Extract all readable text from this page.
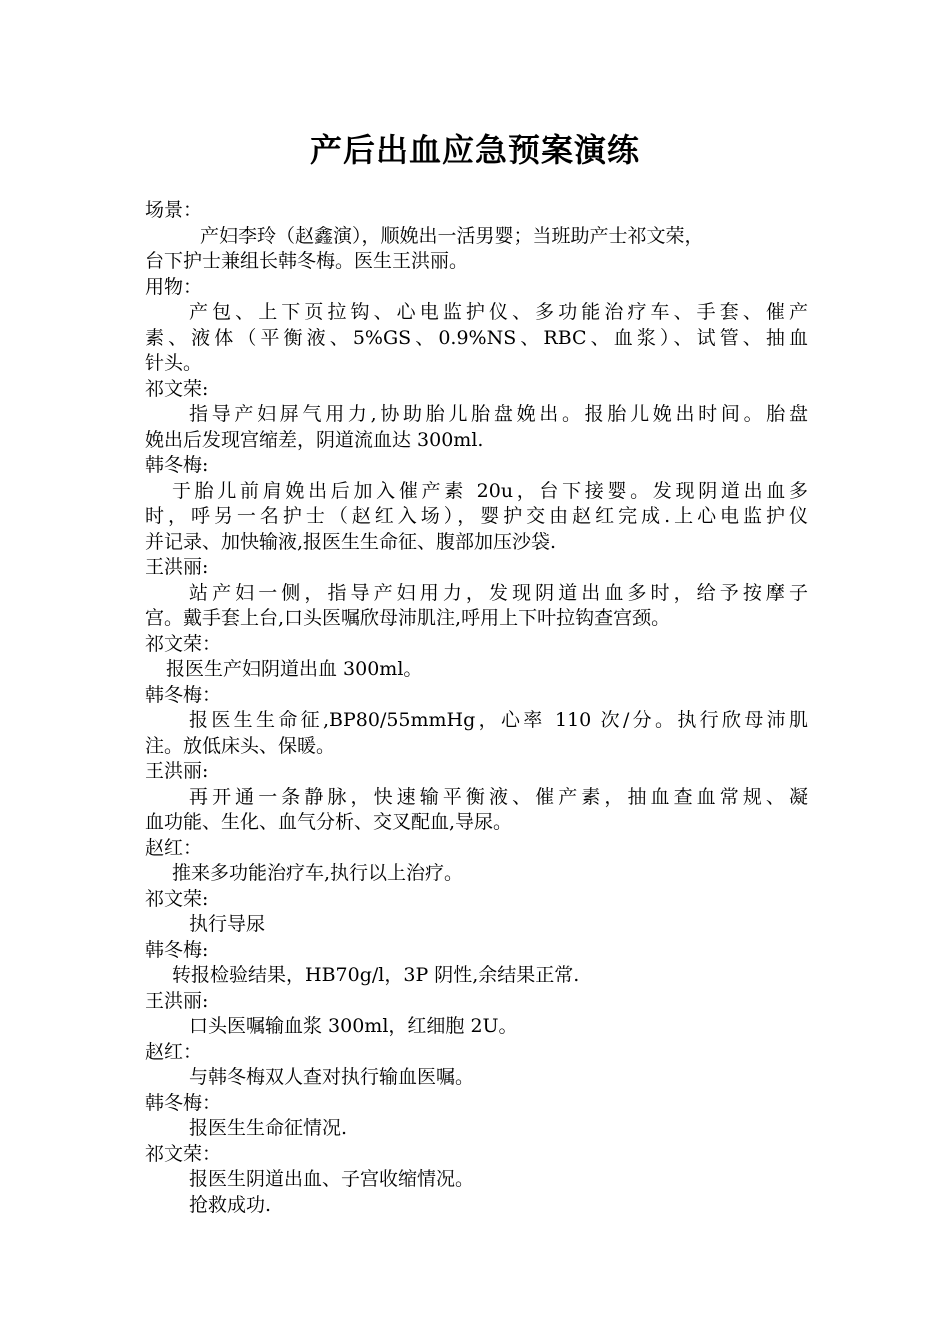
产后出血应急预案演练
场景：
产妇李玲（赵鑫演），顺娩出一活男婴；当班助产士祁文荣，
台下护士兼组长韩冬梅。医生王洪丽。
用物：
产包、上下页拉钩、心电监护仪、多功能治疗车、手套、催产
素、液体（平衡液、5%GS、0.9%NS、RBC、血浆）、试管、抽血
针头。
祁文荣:
指导产妇屏气用力,协助胎儿胎盘娩出。报胎儿娩出时间。胎盘
娩出后发现宫缩差，阴道流血达 300ml.
韩冬梅:
于胎儿前肩娩出后加入催产素 20u，台下接婴。发现阴道出血多
时，呼另一名护士（赵红入场），婴护交由赵红完成.上心电监护仪
并记录、加快输液,报医生生命征、腹部加压沙袋.
王洪丽:
站产妇一侧，指导产妇用力，发现阴道出血多时，给予按摩子
宫。戴手套上台,口头医嘱欣母沛肌注,呼用上下叶拉钩查宫颈。
祁文荣：
报医生产妇阴道出血 300ml。
韩冬梅：
报医生生命征,BP80/55mmHg，心率 110 次/分。执行欣母沛肌
注。放低床头、保暖。
王洪丽:
再开通一条静脉，快速输平衡液、催产素，抽血查血常规、凝
血功能、生化、血气分析、交叉配血,导尿。
赵红：
推来多功能治疗车,执行以上治疗。
祁文荣:
执行导尿
韩冬梅:
转报检验结果，HB70g/l，3P 阴性,余结果正常.
王洪丽:
口头医嘱输血浆 300ml，红细胞 2U。
赵红：
与韩冬梅双人查对执行输血医嘱。
韩冬梅：
报医生生命征情况.
祁文荣：
报医生阴道出血、子宫收缩情况。
抢救成功.
